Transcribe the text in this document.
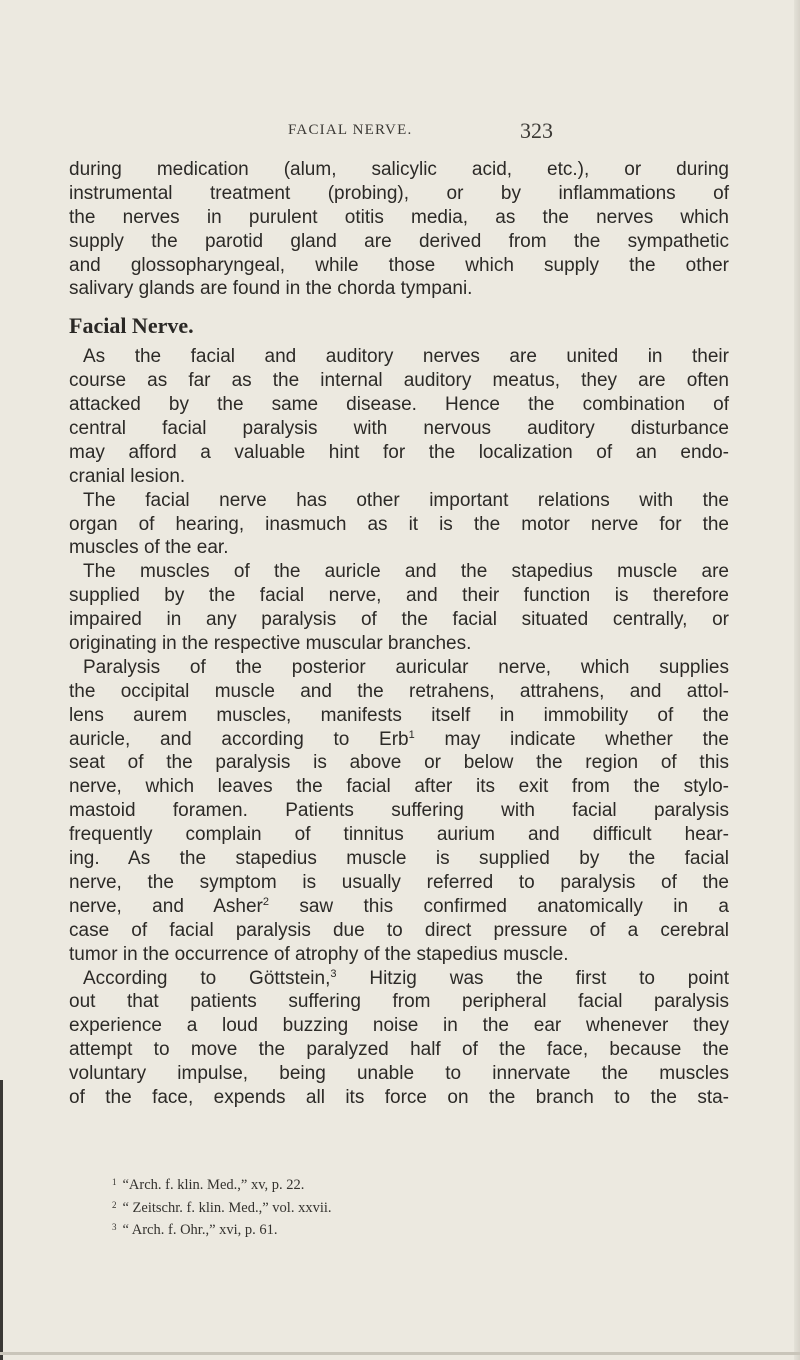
FACIAL NERVE.	323
during medication (alum, salicylic acid, etc.), or during
instrumental treatment (probing), or by inflammations of
the nerves in purulent otitis media, as the nerves which
supply the parotid gland are derived from the sympathetic
and glossopharyngeal, while those which supply the other
salivary glands are found in the chorda tympani.
Facial Nerve.
As the facial and auditory nerves are united in their
course as far as the internal auditory meatus, they are often
attacked by the same disease. Hence the combination of
central facial paralysis with nervous auditory disturbance
may afford a valuable hint for the localization of an endo-
cranial lesion.
The facial nerve has other important relations with the
organ of hearing, inasmuch as it is the motor nerve for the
muscles of the ear.
The muscles of the auricle and the stapedius muscle are
supplied by the facial nerve, and their function is therefore
impaired in any paralysis of the facial situated centrally, or
originating in the respective muscular branches.
Paralysis of the posterior auricular nerve, which supplies
the occipital muscle and the retrahens, attrahens, and attol-
lens aurem muscles, manifests itself in immobility of the
auricle, and according to Erb$^1$ may indicate whether the
seat of the paralysis is above or below the region of this
nerve, which leaves the facial after its exit from the stylo-
mastoid foramen. Patients suffering with facial paralysis
frequently complain of tinnitus aurium and difficult hear-
ing. As the stapedius muscle is supplied by the facial
nerve, the symptom is usually referred to paralysis of the
nerve, and Asher$^2$ saw this confirmed anatomically in a
case of facial paralysis due to direct pressure of a cerebral
tumor in the occurrence of atrophy of the stapedius muscle.
According to Göttstein,$^3$ Hitzig was the first to point
out that patients suffering from peripheral facial paralysis
experience a loud buzzing noise in the ear whenever they
attempt to move the paralyzed half of the face, because the
voluntary impulse, being unable to innervate the muscles
of the face, expends all its force on the branch to the sta-
$^1$ “Arch. f. klin. Med.,” xv, p. 22.
$^2$ “ Zeitschr. f. klin. Med.,” vol. xxvii.
$^3$ “ Arch. f. Ohr.,” xvi, p. 61.
